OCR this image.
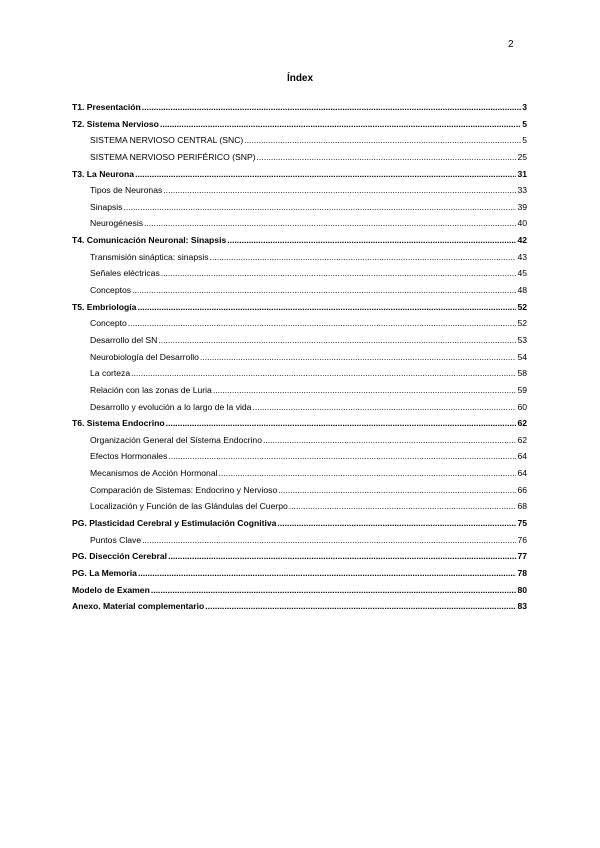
2
Índex
T1. Presentación .....	3
T2. Sistema Nervioso .....	5
SISTEMA NERVIOSO CENTRAL (SNC) .....	5
SISTEMA NERVIOSO PERIFÉRICO (SNP) .....	25
T3. La Neurona .....	31
Tipos de Neuronas .....	33
Sinapsis .....	39
Neurogénesis .....	40
T4. Comunicación Neuronal: Sinapsis .....	42
Transmisión sináptica: sinapsis .....	43
Señales eléctricas .....	45
Conceptos .....	48
T5. Embriología .....	52
Concepto .....	52
Desarrollo del SN .....	53
Neurobiología del Desarrollo .....	54
La corteza .....	58
Relación con las zonas de Luria .....	59
Desarrollo y evolución a lo largo de la vida .....	60
T6. Sistema Endocrino .....	62
Organización General del Sistema Endocrino .....	62
Efectos Hormonales .....	64
Mecanismos de Acción Hormonal .....	64
Comparación de Sistemas: Endocrino y Nervioso .....	66
Localización y Función de las Glándulas del Cuerpo .....	68
PG. Plasticidad Cerebral y Estimulación Cognitiva .....	75
Puntos Clave .....	76
PG. Disección Cerebral .....	77
PG. La Memoria .....	78
Modelo de Examen .....	80
Anexo. Material complementario .....	83
